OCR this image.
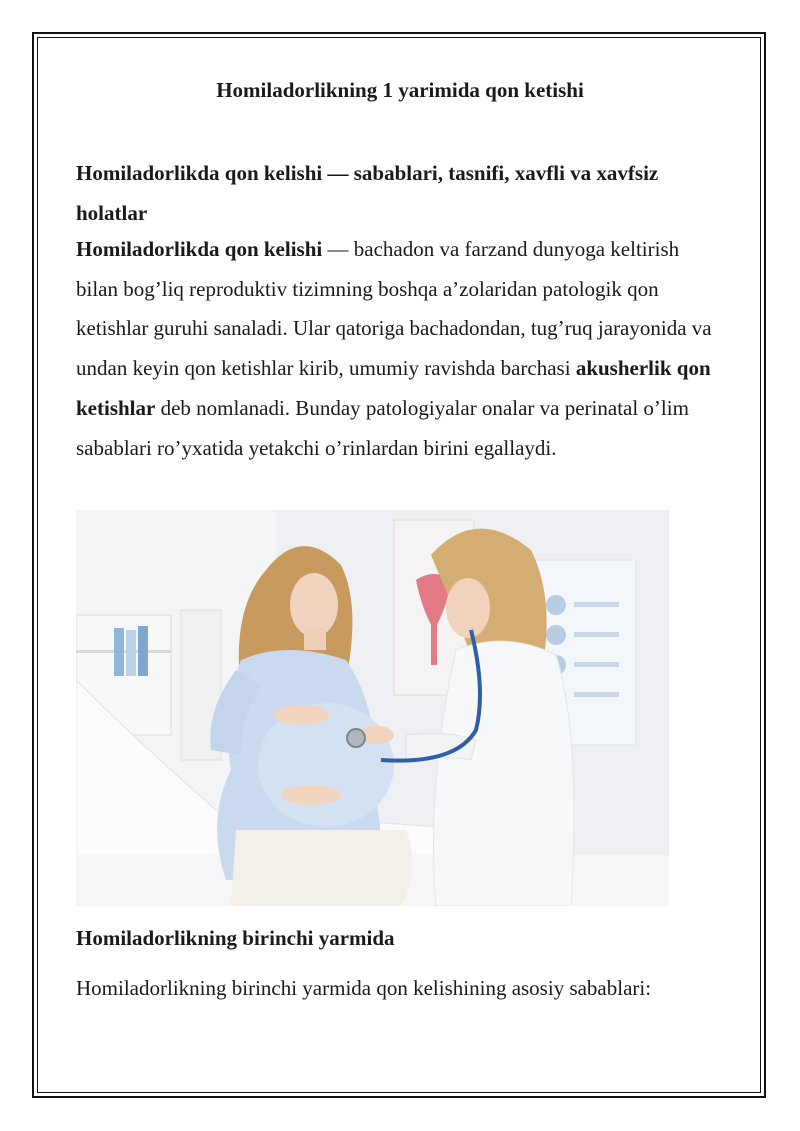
Homiladorlikning 1 yarimida qon ketishi
Homiladorlikda qon kelishi — sabablari, tasnifi, xavfli va xavfsiz holatlar

Homiladorlikda qon kelishi — bachadon va farzand dunyoga keltirish bilan bog’liq reproduktiv tizimning boshqa a’zolaridan patologik qon ketishlar guruhi sanaladi. Ular qatoriga bachadondan, tug’ruq jarayonida va undan keyin qon ketishlar kirib, umumiy ravishda barchasi akusherlik qon ketishlar deb nomlanadi. Bunday patologiyalar onalar va perinatal o’lim sabablari ro’yxatida yetakchi o’rinlardan birini egallaydi.

Homiladorlikning birinchi yarmida

Homiladorlikning birinchi yarmida qon kelishining asosiy sabablari:
